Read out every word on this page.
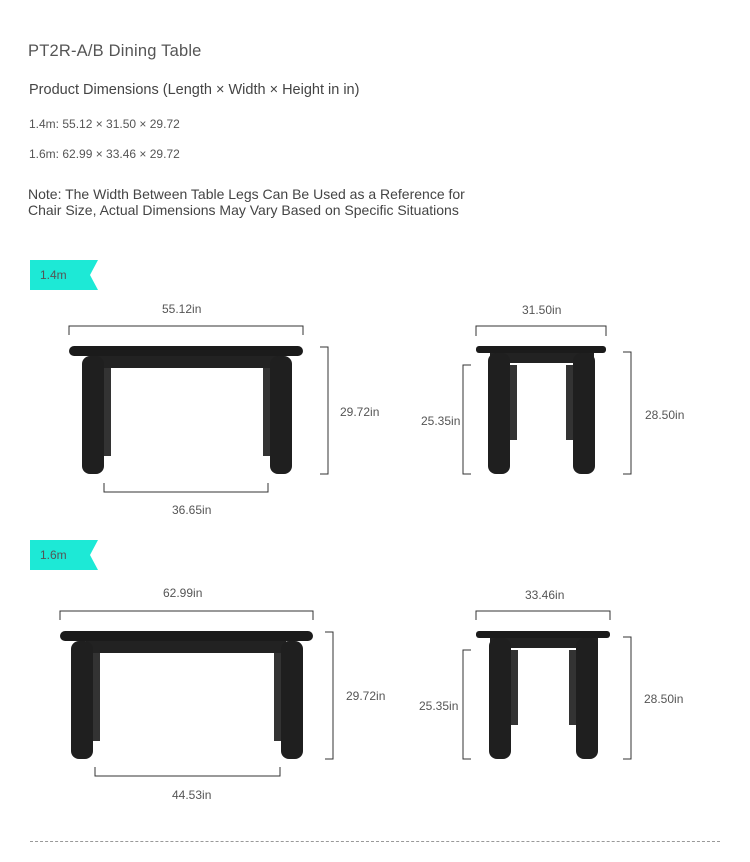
PT2R-A/B Dining Table
Product Dimensions (Length × Width × Height in in)
1.4m: 55.12 × 31.50 × 29.72
1.6m: 62.99 × 33.46 × 29.72
Note: The Width Between Table Legs Can Be Used as a Reference for
Chair Size, Actual Dimensions May Vary Based on Specific Situations
1.4m
1.6m
55.12in
29.72in
36.65in
31.50in
25.35in	28.50in
62.99in
29.72in
44.53in
33.46in
25.35in	28.50in
